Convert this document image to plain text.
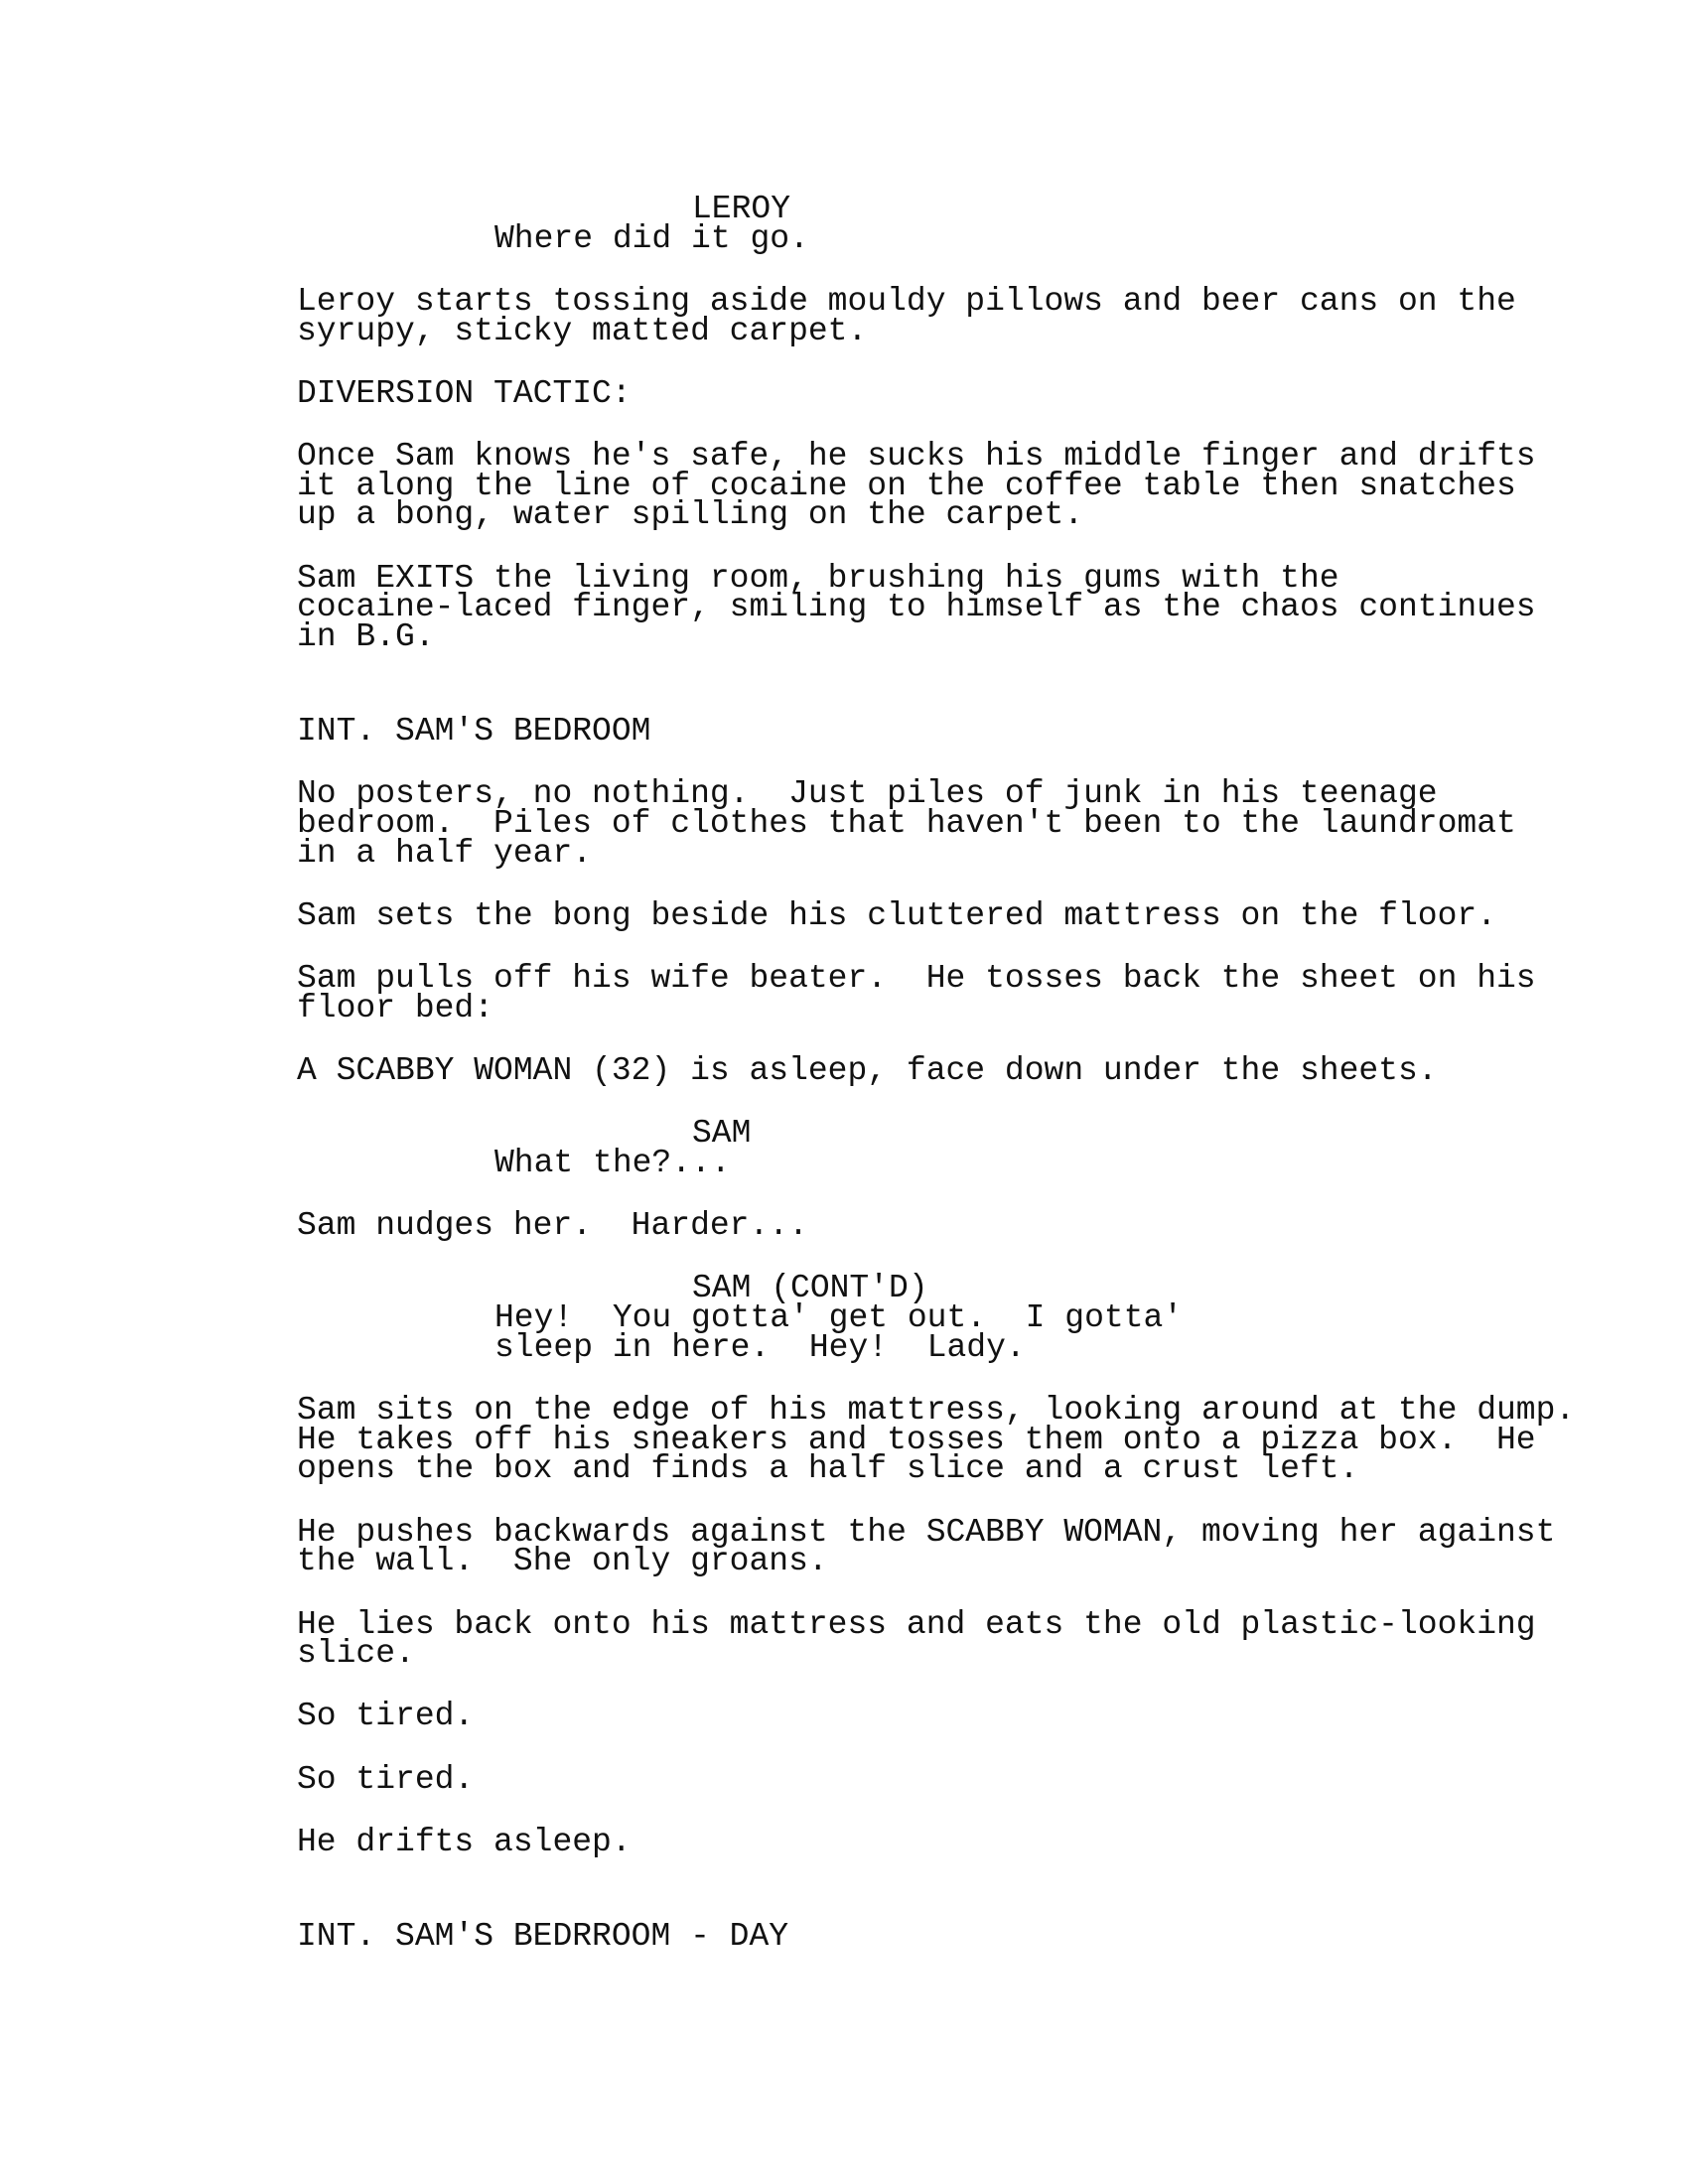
LEROY
Where did it go.
Leroy starts tossing aside mouldy pillows and beer cans on the
syrupy, sticky matted carpet.
DIVERSION TACTIC:
Once Sam knows he's safe, he sucks his middle finger and drifts
it along the line of cocaine on the coffee table then snatches
up a bong, water spilling on the carpet.
Sam EXITS the living room, brushing his gums with the
cocaine-laced finger, smiling to himself as the chaos continues
in B.G.
INT. SAM'S BEDROOM
No posters, no nothing.  Just piles of junk in his teenage
bedroom.  Piles of clothes that haven't been to the laundromat
in a half year.
Sam sets the bong beside his cluttered mattress on the floor.
Sam pulls off his wife beater.  He tosses back the sheet on his
floor bed:
A SCABBY WOMAN (32) is asleep, face down under the sheets.
SAM
What the?...
Sam nudges her.  Harder...
SAM (CONT'D)
Hey!  You gotta' get out.  I gotta'
sleep in here.  Hey!  Lady.
Sam sits on the edge of his mattress, looking around at the dump.
He takes off his sneakers and tosses them onto a pizza box.  He
opens the box and finds a half slice and a crust left.
He pushes backwards against the SCABBY WOMAN, moving her against
the wall.  She only groans.
He lies back onto his mattress and eats the old plastic-looking
slice.
So tired.
So tired.
He drifts asleep.
INT. SAM'S BEDRROOM - DAY
